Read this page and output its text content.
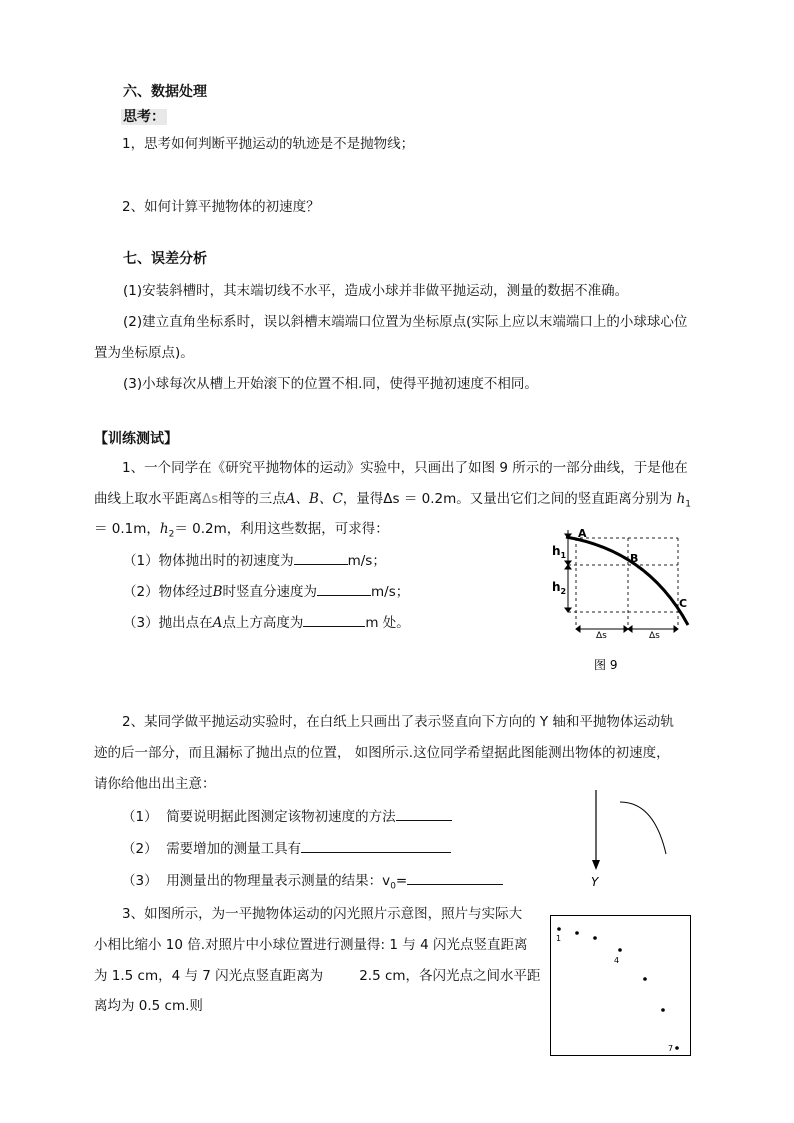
六、数据处理
思考：
1，思考如何判断平抛运动的轨迹是不是抛物线；
2、如何计算平抛物体的初速度？
七、误差分析
(1)安装斜槽时，其末端切线不水平，造成小球并非做平抛运动，测量的数据不准确。
(2)建立直角坐标系时，误以斜槽末端端口位置为坐标原点(实际上应以末端端口上的小球球心位
置为坐标原点)。
(3)小球每次从槽上开始滚下的位置不相.同，使得平抛初速度不相同。
【训练测试】
1、一个同学在《研究平抛物体的运动》实验中，只画出了如图 9 所示的一部分曲线，于是他在
曲线上取水平距离Δs相等的三点A、B、C，量得Δs ＝ 0.2m。又量出它们之间的竖直距离分别为 $h_1$
＝ 0.1m，$h_2= 0.2m$，利用这些数据，可求得：
（1）物体抛出时的初速度为	m/s；
（2）物体经过B时竖直分速度为	m/s；
（3）抛出点在A点上方高度为	m 处。
A
B
C
$h_1$
$h_2$
Δs	Δs
图 9
2、某同学做平抛运动实验时，在白纸上只画出了表示竖直向下方向的 Y 轴和平抛物体运动轨
迹的后一部分，而且漏标了抛出点的位置， 如图所示.这位同学希望据此图能测出物体的初速度，
请你给他出出主意：
（1） 简要说明据此图测定该物初速度的方法
（2） 需要增加的测量工具有
（3） 用测量出的物理量表示测量的结果：$v_0=$	Y
3、如图所示，为一平抛物体运动的闪光照片示意图，照片与实际大
小相比缩小 10 倍.对照片中小球位置进行测量得: 1 与 4 闪光点竖直距离
为 1.5 cm，4 与 7 闪光点竖直距离为	2.5 cm，各闪光点之间水平距
离均为 0.5 cm.则
1
4
7
